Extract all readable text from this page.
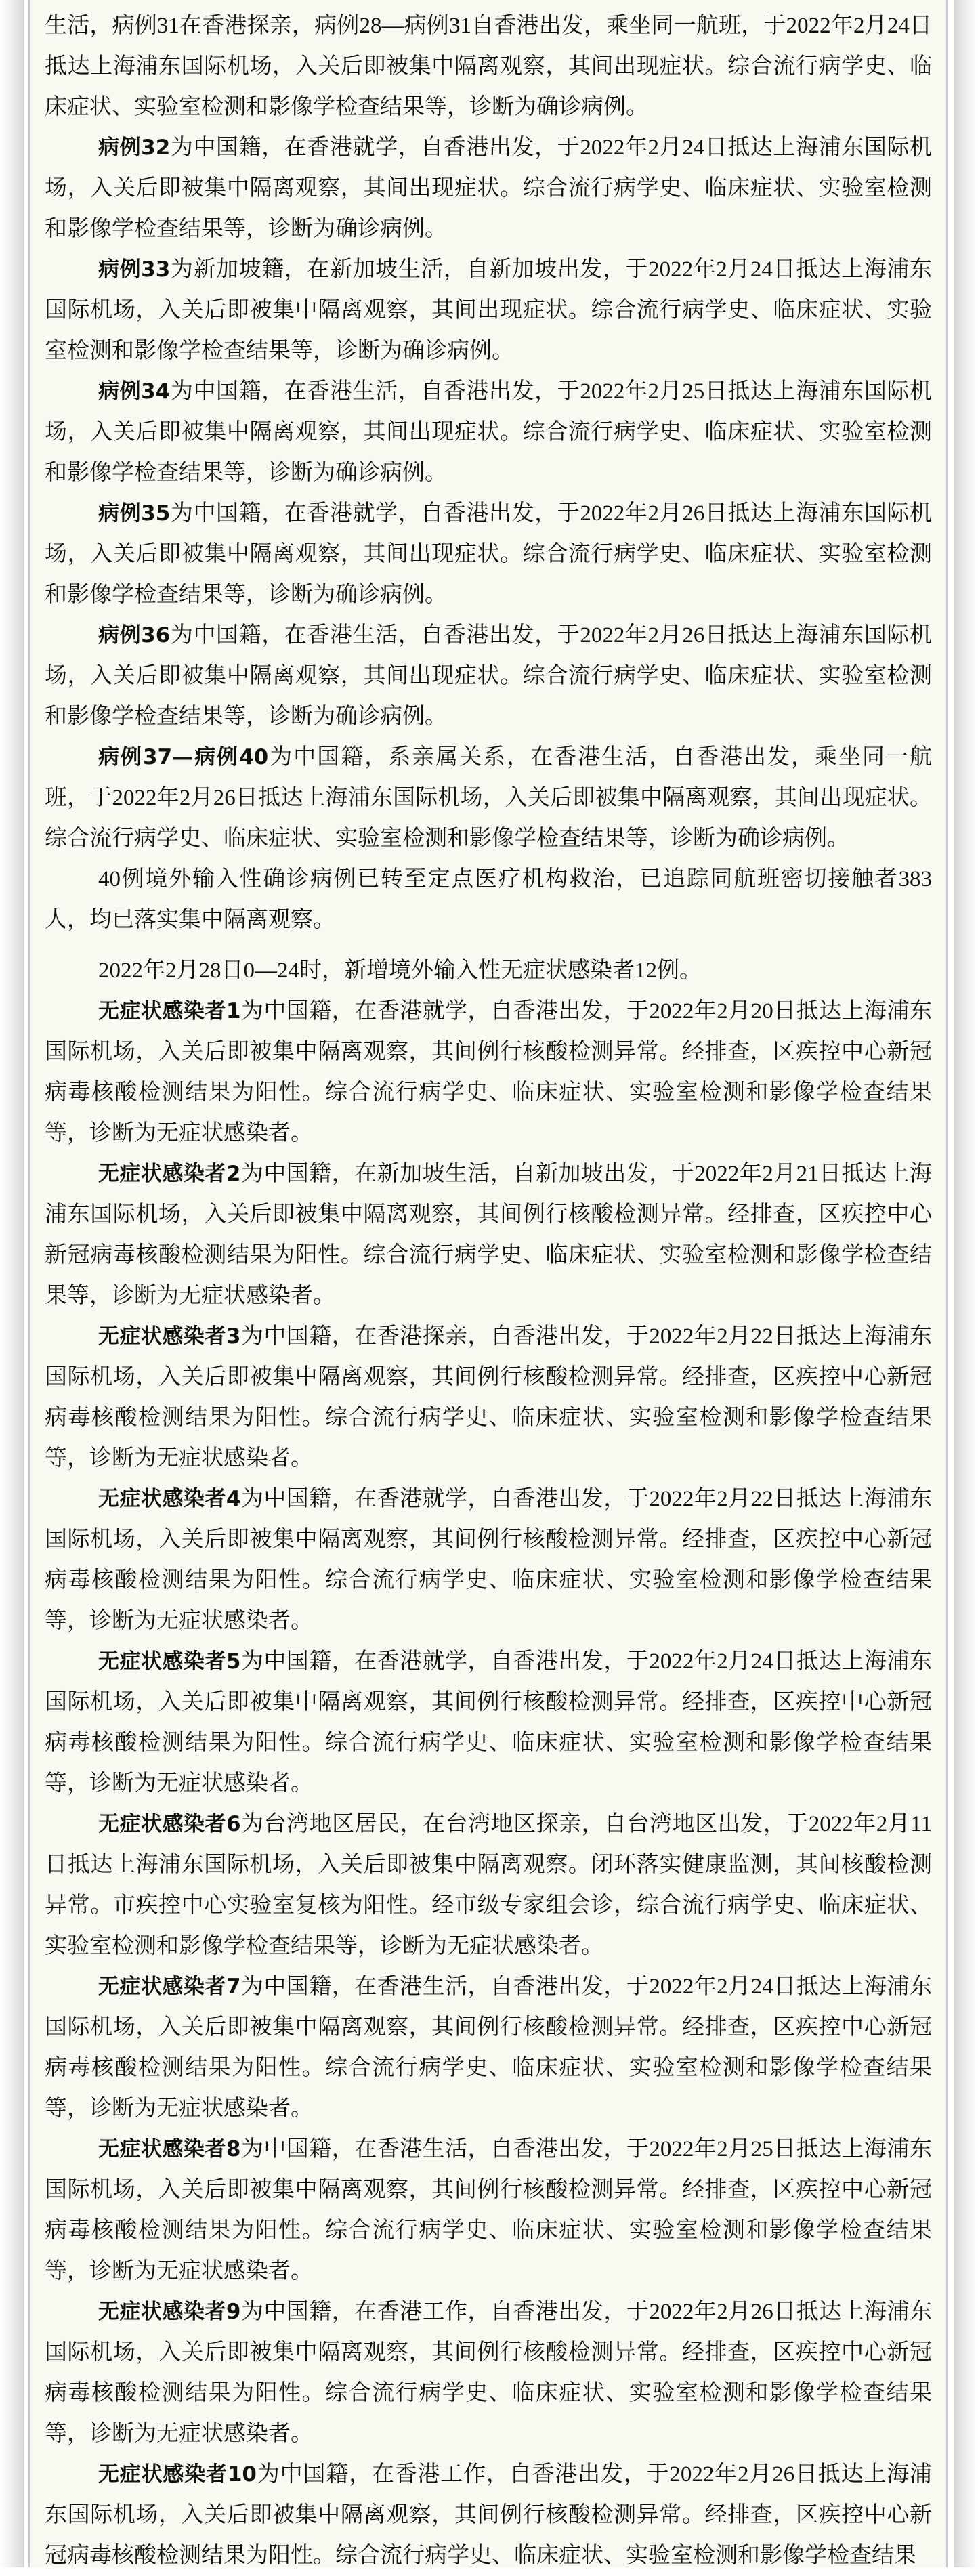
生活，病例31在香港探亲，病例28—病例31自香港出发，乘坐同一航班，于2022年2月24日
抵达上海浦东国际机场，入关后即被集中隔离观察，其间出现症状。综合流行病学史、临
床症状、实验室检测和影像学检查结果等，诊断为确诊病例。
病例32为中国籍，在香港就学，自香港出发，于2022年2月24日抵达上海浦东国际机
场，入关后即被集中隔离观察，其间出现症状。综合流行病学史、临床症状、实验室检测
和影像学检查结果等，诊断为确诊病例。
病例33为新加坡籍，在新加坡生活，自新加坡出发，于2022年2月24日抵达上海浦东
国际机场，入关后即被集中隔离观察，其间出现症状。综合流行病学史、临床症状、实验
室检测和影像学检查结果等，诊断为确诊病例。
病例34为中国籍，在香港生活，自香港出发，于2022年2月25日抵达上海浦东国际机
场，入关后即被集中隔离观察，其间出现症状。综合流行病学史、临床症状、实验室检测
和影像学检查结果等，诊断为确诊病例。
病例35为中国籍，在香港就学，自香港出发，于2022年2月26日抵达上海浦东国际机
场，入关后即被集中隔离观察，其间出现症状。综合流行病学史、临床症状、实验室检测
和影像学检查结果等，诊断为确诊病例。
病例36为中国籍，在香港生活，自香港出发，于2022年2月26日抵达上海浦东国际机
场，入关后即被集中隔离观察，其间出现症状。综合流行病学史、临床症状、实验室检测
和影像学检查结果等，诊断为确诊病例。
病例37—病例40为中国籍，系亲属关系，在香港生活，自香港出发，乘坐同一航
班，于2022年2月26日抵达上海浦东国际机场，入关后即被集中隔离观察，其间出现症状。
综合流行病学史、临床症状、实验室检测和影像学检查结果等，诊断为确诊病例。
40例境外输入性确诊病例已转至定点医疗机构救治，已追踪同航班密切接触者383
人，均已落实集中隔离观察。
2022年2月28日0—24时，新增境外输入性无症状感染者12例。
无症状感染者1为中国籍，在香港就学，自香港出发，于2022年2月20日抵达上海浦东
国际机场，入关后即被集中隔离观察，其间例行核酸检测异常。经排查，区疾控中心新冠
病毒核酸检测结果为阳性。综合流行病学史、临床症状、实验室检测和影像学检查结果
等，诊断为无症状感染者。
无症状感染者2为中国籍，在新加坡生活，自新加坡出发，于2022年2月21日抵达上海
浦东国际机场，入关后即被集中隔离观察，其间例行核酸检测异常。经排查，区疾控中心
新冠病毒核酸检测结果为阳性。综合流行病学史、临床症状、实验室检测和影像学检查结
果等，诊断为无症状感染者。
无症状感染者3为中国籍，在香港探亲，自香港出发，于2022年2月22日抵达上海浦东
国际机场，入关后即被集中隔离观察，其间例行核酸检测异常。经排查，区疾控中心新冠
病毒核酸检测结果为阳性。综合流行病学史、临床症状、实验室检测和影像学检查结果
等，诊断为无症状感染者。
无症状感染者4为中国籍，在香港就学，自香港出发，于2022年2月22日抵达上海浦东
国际机场，入关后即被集中隔离观察，其间例行核酸检测异常。经排查，区疾控中心新冠
病毒核酸检测结果为阳性。综合流行病学史、临床症状、实验室检测和影像学检查结果
等，诊断为无症状感染者。
无症状感染者5为中国籍，在香港就学，自香港出发，于2022年2月24日抵达上海浦东
国际机场，入关后即被集中隔离观察，其间例行核酸检测异常。经排查，区疾控中心新冠
病毒核酸检测结果为阳性。综合流行病学史、临床症状、实验室检测和影像学检查结果
等，诊断为无症状感染者。
无症状感染者6为台湾地区居民，在台湾地区探亲，自台湾地区出发，于2022年2月11
日抵达上海浦东国际机场，入关后即被集中隔离观察。闭环落实健康监测，其间核酸检测
异常。市疾控中心实验室复核为阳性。经市级专家组会诊，综合流行病学史、临床症状、
实验室检测和影像学检查结果等，诊断为无症状感染者。
无症状感染者7为中国籍，在香港生活，自香港出发，于2022年2月24日抵达上海浦东
国际机场，入关后即被集中隔离观察，其间例行核酸检测异常。经排查，区疾控中心新冠
病毒核酸检测结果为阳性。综合流行病学史、临床症状、实验室检测和影像学检查结果
等，诊断为无症状感染者。
无症状感染者8为中国籍，在香港生活，自香港出发，于2022年2月25日抵达上海浦东
国际机场，入关后即被集中隔离观察，其间例行核酸检测异常。经排查，区疾控中心新冠
病毒核酸检测结果为阳性。综合流行病学史、临床症状、实验室检测和影像学检查结果
等，诊断为无症状感染者。
无症状感染者9为中国籍，在香港工作，自香港出发，于2022年2月26日抵达上海浦东
国际机场，入关后即被集中隔离观察，其间例行核酸检测异常。经排查，区疾控中心新冠
病毒核酸检测结果为阳性。综合流行病学史、临床症状、实验室检测和影像学检查结果
等，诊断为无症状感染者。
无症状感染者10为中国籍，在香港工作，自香港出发，于2022年2月26日抵达上海浦
东国际机场，入关后即被集中隔离观察，其间例行核酸检测异常。经排查，区疾控中心新
冠病毒核酸检测结果为阳性。综合流行病学史、临床症状、实验室检测和影像学检查结果
